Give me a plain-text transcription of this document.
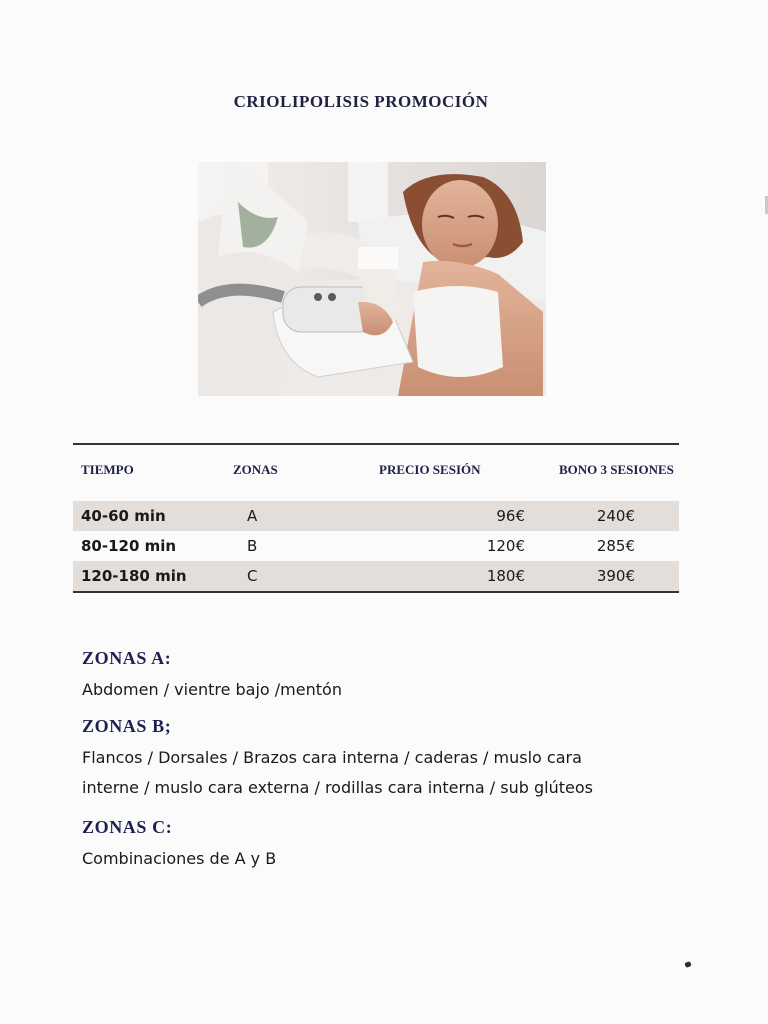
CRIOLIPOLISIS PROMOCIÓN
TIEMPO	ZONAS	PRECIO SESIÓN	BONO 3 SESIONES
40-60 min	A	96€	240€
80-120 min	B	120€	285€
120-180 min	C	180€	390€

ZONAS A:

Abdomen / vientre bajo /mentón

ZONAS B;

Flancos / Dorsales / Brazos cara interna / caderas / muslo cara interne / muslo cara externa / rodillas cara interna / sub glúteos

ZONAS C:

Combinaciones de A y B
